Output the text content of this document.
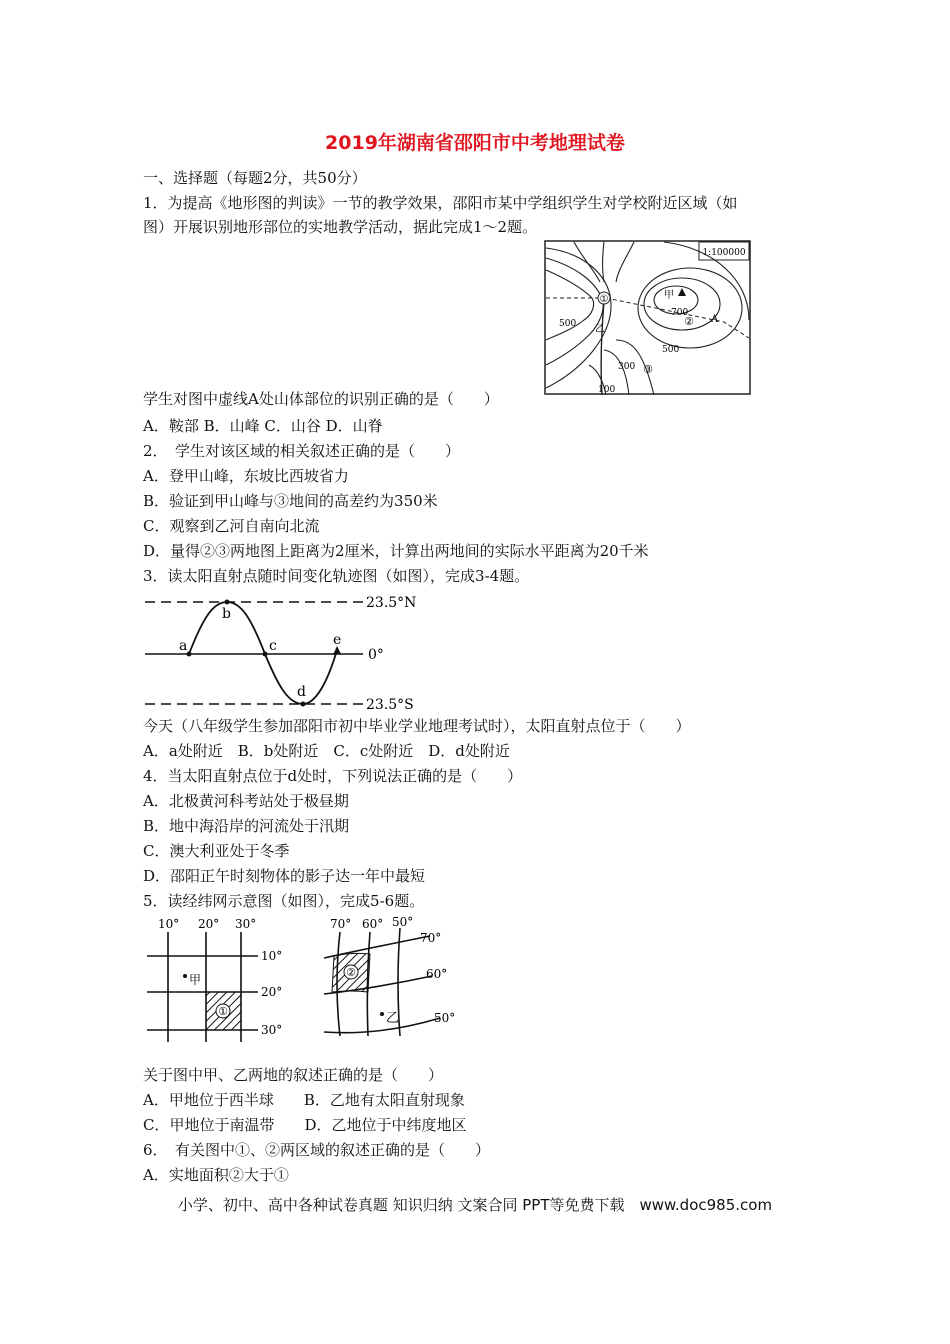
2019年湖南省邵阳市中考地理试卷
一、选择题（每题2分，共50分）
1．为提高《地形图的判读》一节的教学效果，邵阳市某中学组织学生对学校附近区域（如
图）开展识别地形部位的实地教学活动，据此完成1～2题。
1:100000
①
②
③
甲
乙
A
500
700
500
300
100
学生对图中虚线A处山体部位的识别正确的是（　　）
A．鞍部 B．山峰 C．山谷 D．山脊
2．　学生对该区域的相关叙述正确的是（　　）
A．登甲山峰，东坡比西坡省力
B．验证到甲山峰与③地间的高差约为350米
C．观察到乙河自南向北流
D．量得②③两地图上距离为2厘米，计算出两地间的实际水平距离为20千米
3．读太阳直射点随时间变化轨迹图（如图），完成3-4题。
23.5°N
0°
23.5°S
a
b
c
d
e
今天（八年级学生参加邵阳市初中毕业学业地理考试时），太阳直射点位于（　　）
A．a处附近　B．b处附近　C．c处附近　D．d处附近
4．当太阳直射点位于d处时，下列说法正确的是（　　）
A．北极黄河科考站处于极昼期
B．地中海沿岸的河流处于汛期
C．澳大利亚处于冬季
D．邵阳正午时刻物体的影子达一年中最短
5．读经纬网示意图（如图），完成5-6题。
10° 20° 30°
10°
20°
30°
甲
①
70° 60° 50°
70°
60°
50°
②
乙
关于图中甲、乙两地的叙述正确的是（　　）
A．甲地位于西半球　　B．乙地有太阳直射现象
C．甲地位于南温带　　D．乙地位于中纬度地区
6．　有关图中①、②两区域的叙述正确的是（　　）
A．实地面积②大于①
小学、初中、高中各种试卷真题 知识归纳 文案合同 PPT等免费下载　www.doc985.com
